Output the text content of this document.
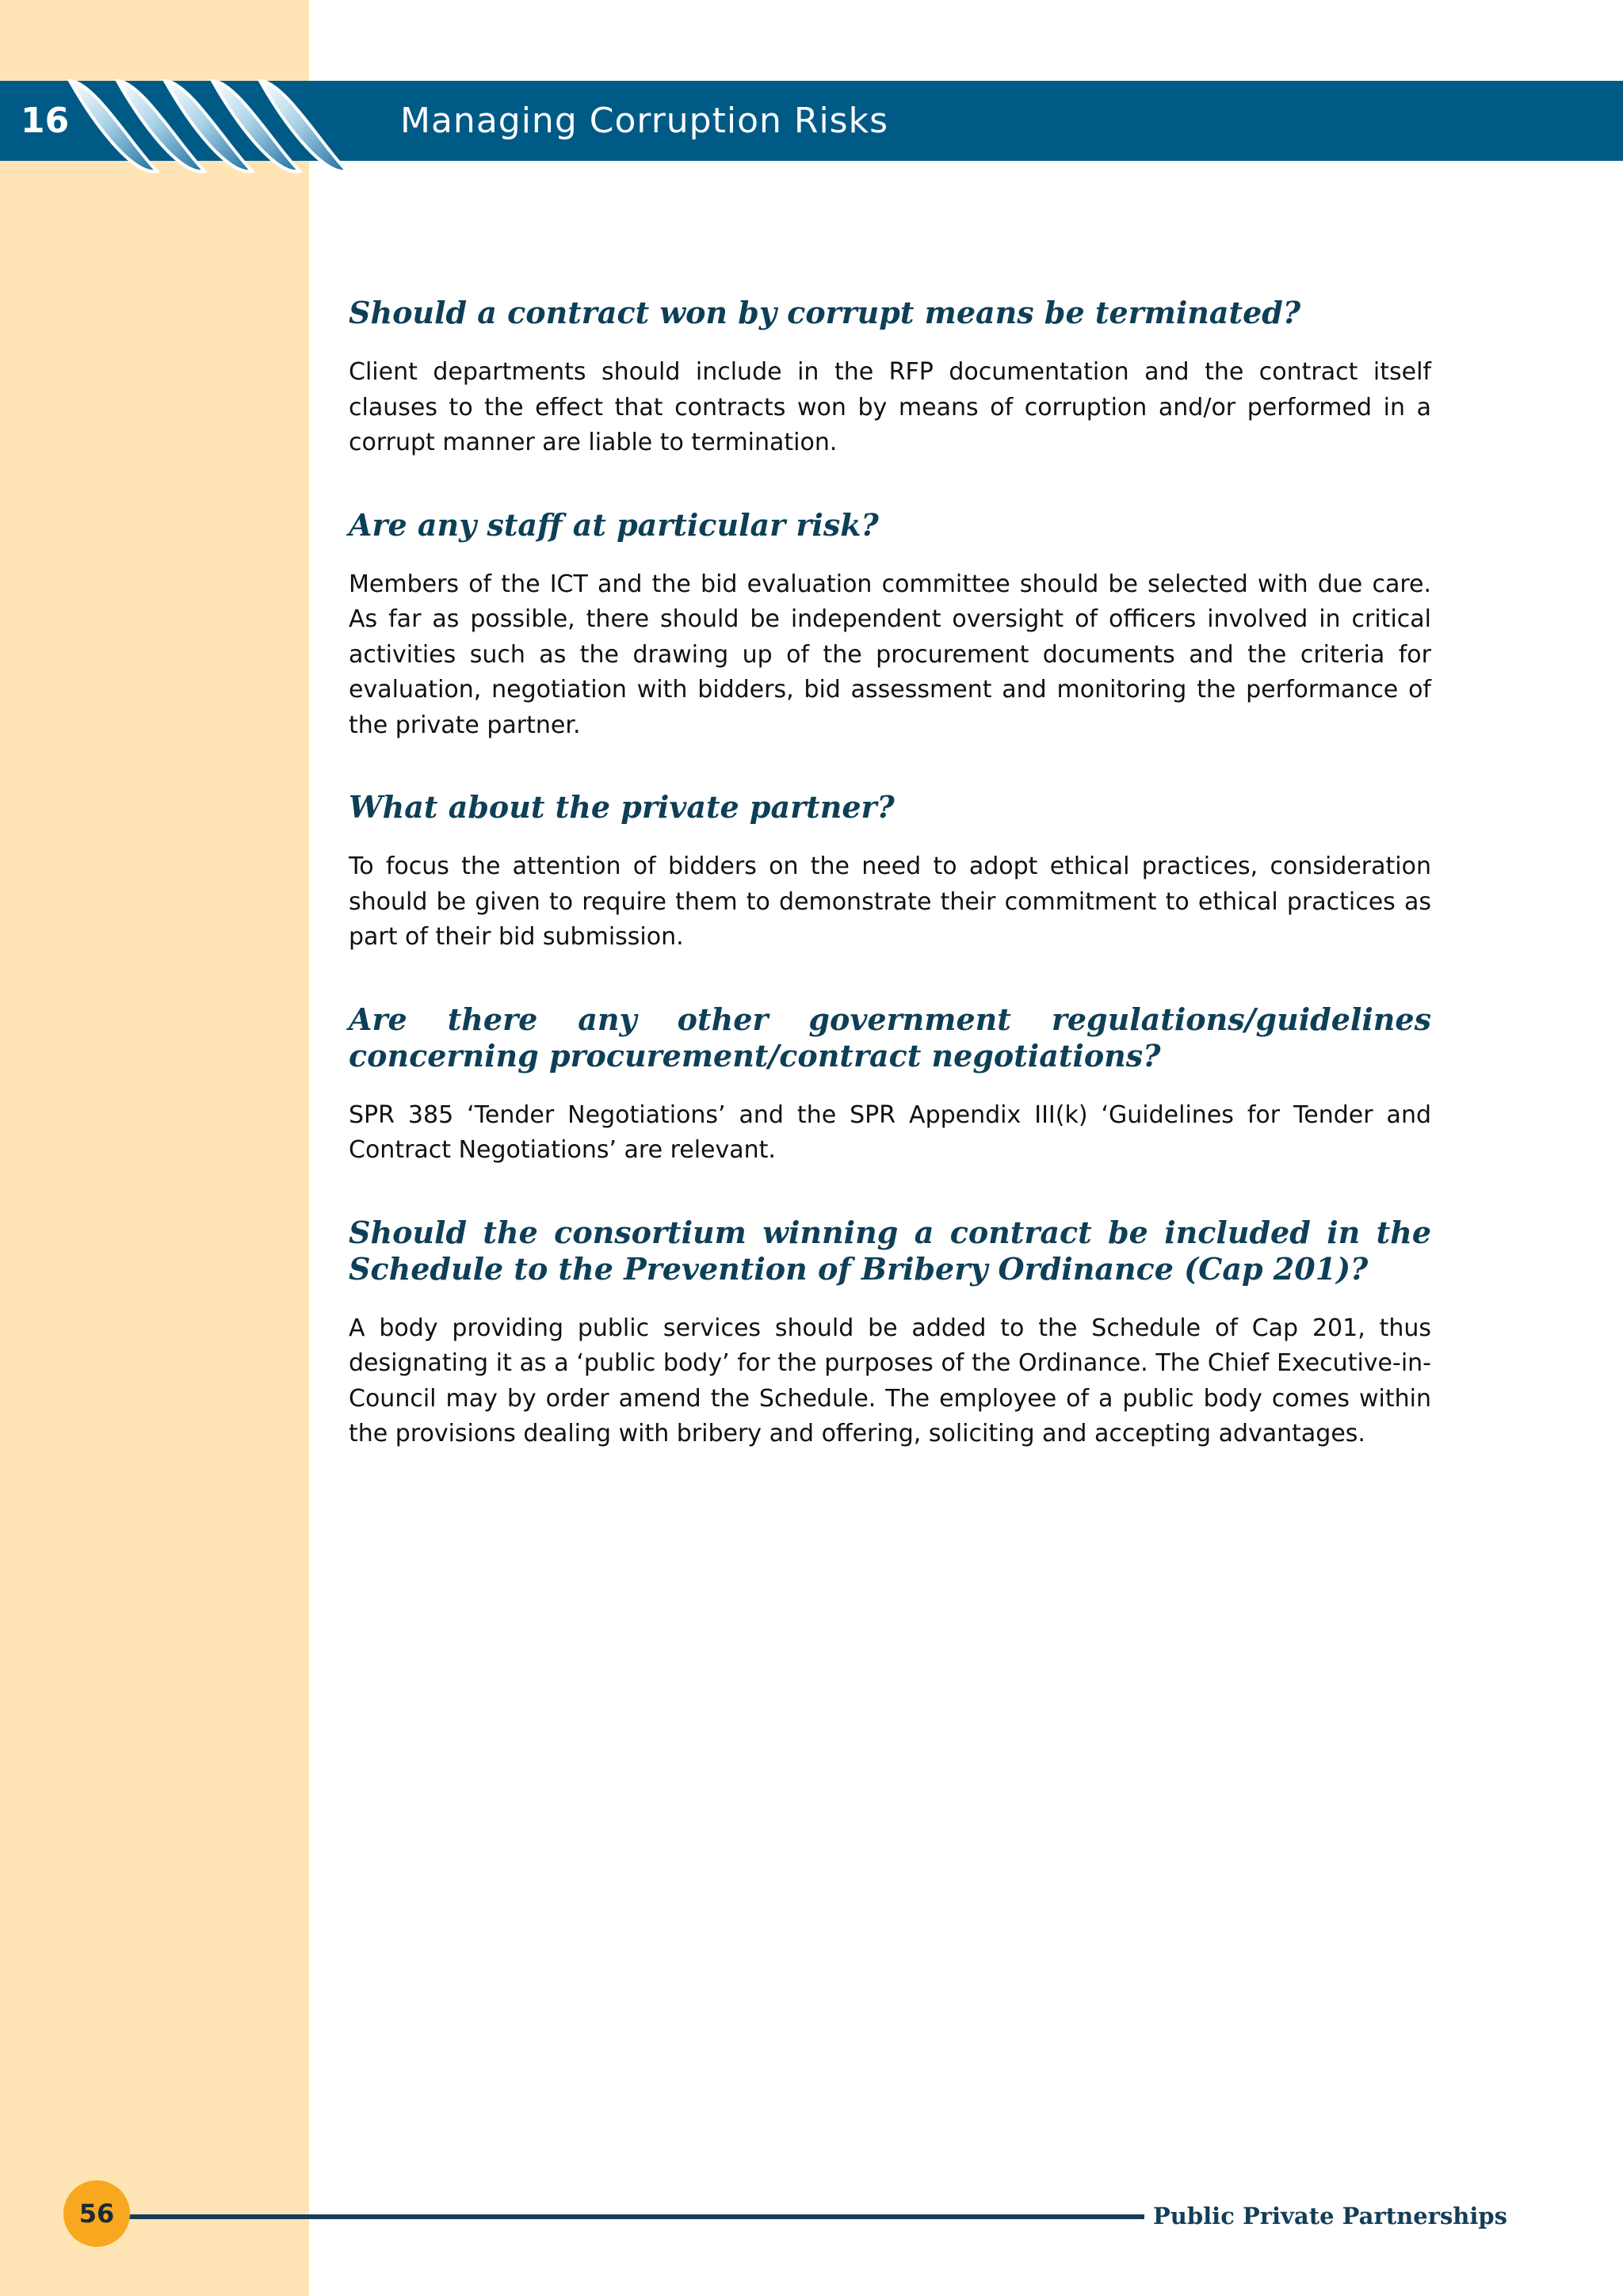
16	Managing Corruption Risks
Should a contract won by corrupt means be terminated?

Client departments should include in the RFP documentation and the contract itself clauses to the effect that contracts won by means of corruption and/or performed in a corrupt manner are liable to termination.

Are any staff at particular risk?

Members of the ICT and the bid evaluation committee should be selected with due care. As far as possible, there should be independent oversight of officers involved in critical activities such as the drawing up of the procurement documents and the criteria for evaluation, negotiation with bidders, bid assessment and monitoring the performance of the private partner.

What about the private partner?

To focus the attention of bidders on the need to adopt ethical practices, consideration should be given to require them to demonstrate their commitment to ethical practices as part of their bid submission.

Are there any other government regulations/guidelines concerning procurement/contract negotiations?

SPR 385 ‘Tender Negotiations’ and the SPR Appendix III(k) ‘Guidelines for Tender and Contract Negotiations’ are relevant.

Should the consortium winning a contract be included in the Schedule to the Prevention of Bribery Ordinance (Cap 201)?

A body providing public services should be added to the Schedule of Cap 201, thus designating it as a ‘public body’ for the purposes of the Ordinance. The Chief Executive-in-Council may by order amend the Schedule. The employee of a public body comes within the provisions dealing with bribery and offering, soliciting and accepting advantages.

56	Public Private Partnerships
